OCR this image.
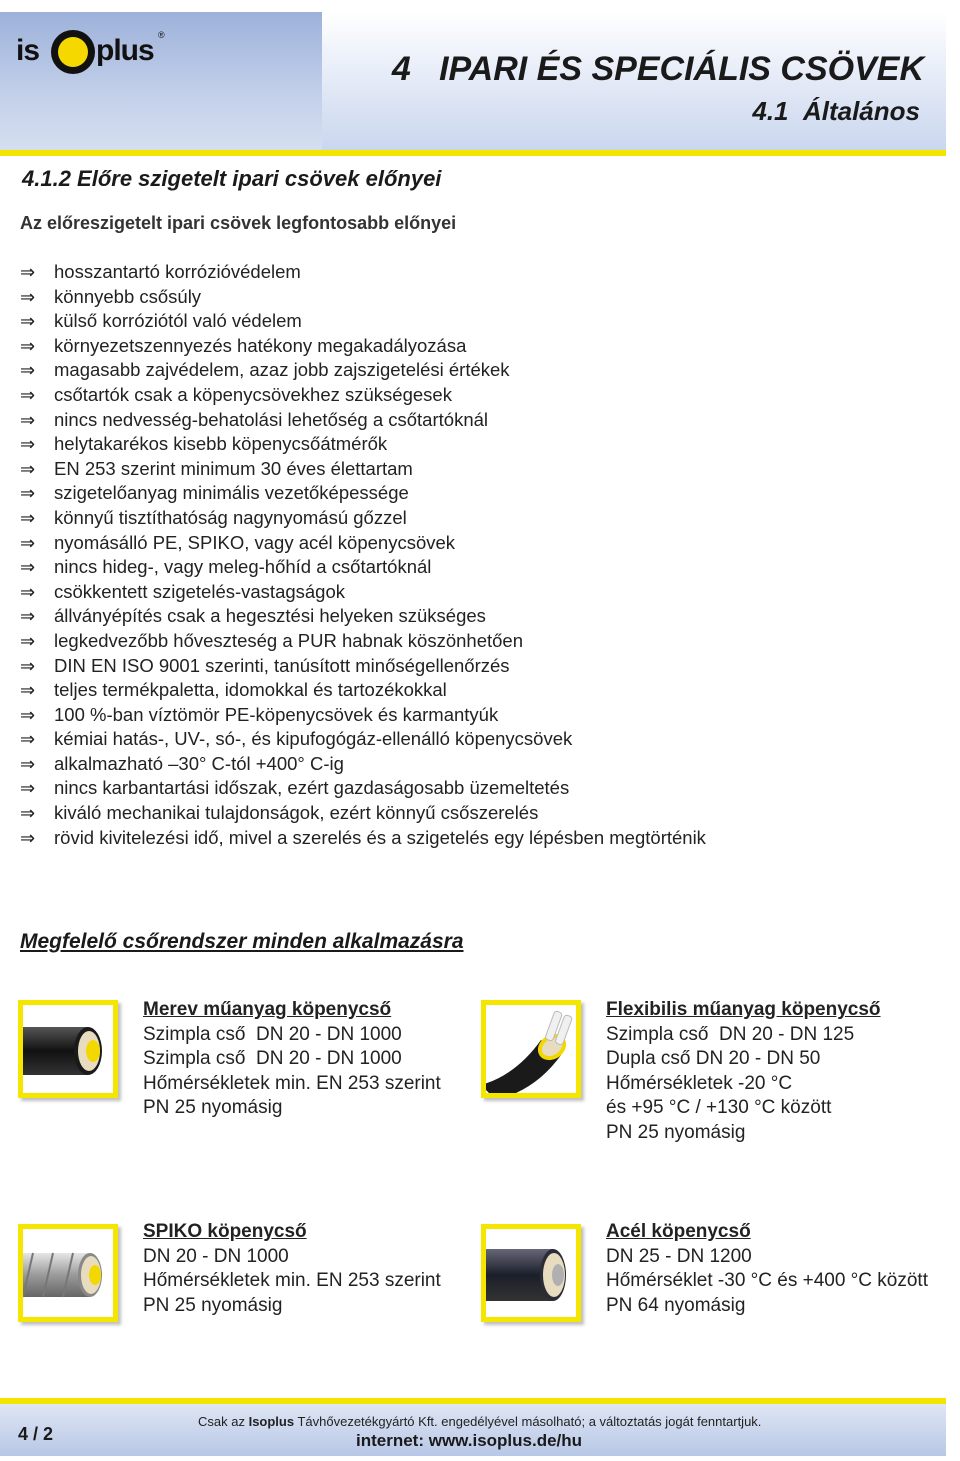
is plus ®
4   IPARI ÉS SPECIÁLIS CSÖVEK
4.1  Általános
4.1.2 Előre szigetelt ipari csövek előnyei
Az előreszigetelt ipari csövek legfontosabb előnyei
⇒ hosszantartó korrózióvédelem
⇒ könnyebb csősúly
⇒ külső korróziótól való védelem
⇒ környezetszennyezés hatékony megakadályozása
⇒ magasabb zajvédelem, azaz jobb zajszigetelési értékek
⇒ csőtartók csak a köpenycsövekhez szükségesek
⇒ nincs nedvesség-behatolási lehetőség a csőtartóknál
⇒ helytakarékos kisebb köpenycsőátmérők
⇒ EN 253 szerint minimum 30 éves élettartam
⇒ szigetelőanyag minimális vezetőképessége
⇒ könnyű tisztíthatóság nagynyomású gőzzel
⇒ nyomásálló PE, SPIKO, vagy acél köpenycsövek
⇒ nincs hideg-, vagy meleg-hőhíd a csőtartóknál
⇒ csökkentett szigetelés-vastagságok
⇒ állványépítés csak a hegesztési helyeken szükséges
⇒ legkedvezőbb hőveszteség a PUR habnak köszönhetően
⇒ DIN EN ISO 9001 szerinti, tanúsított minőségellenőrzés
⇒ teljes termékpaletta, idomokkal és tartozékokkal
⇒ 100 %-ban víztömör PE-köpenycsövek és karmantyúk
⇒ kémiai hatás-, UV-, só-, és kipufogógáz-ellenálló köpenycsövek
⇒ alkalmazható –30° C-tól +400° C-ig
⇒ nincs karbantartási időszak, ezért gazdaságosabb üzemeltetés
⇒ kiváló mechanikai tulajdonságok, ezért könnyű csőszerelés
⇒ rövid kivitelezési idő, mivel a szerelés és a szigetelés egy lépésben megtörténik
Megfelelő csőrendszer minden alkalmazásra
Merev műanyag köpenycső
Szimpla cső  DN 20 - DN 1000
Szimpla cső  DN 20 - DN 1000
Hőmérsékletek min. EN 253 szerint
PN 25 nyomásig
Flexibilis műanyag köpenycső
Szimpla cső  DN 20 - DN 125
Dupla cső DN 20 - DN 50
Hőmérsékletek -20 °C
és +95 °C / +130 °C között
PN 25 nyomásig
SPIKO köpenycső
DN 20 - DN 1000
Hőmérsékletek min. EN 253 szerint
PN 25 nyomásig
Acél köpenycső
DN 25 - DN 1200
Hőmérséklet -30 °C és +400 °C között
PN 64 nyomásig
4 / 2
Csak az Isoplus Távhővezetékgyártó Kft. engedélyével másolható; a változtatás jogát fenntartjuk.
internet: www.isoplus.de/hu
